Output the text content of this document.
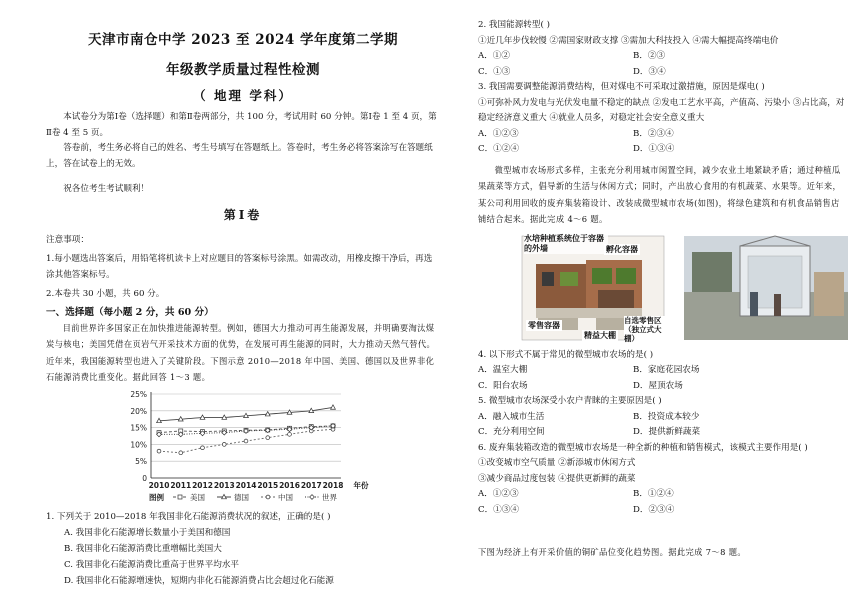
天津市南仓中学 2023 至 2024 学年度第二学期
年级教学质量过程性检测
（ 地理 学科）

本试卷分为第Ⅰ卷（选择题）和第Ⅱ卷两部分，共 100 分，考试用时 60 分钟。第Ⅰ卷 1 至 4 页，第Ⅱ卷 4 至 5 页。

答卷前，考生务必将自己的姓名、考生号填写在答题纸上。答卷时，考生务必将答案涂写在答题纸上，答在试卷上的无效。

祝各位考生考试顺利！

第Ⅰ卷

注意事项：

1.每小题选出答案后，用铅笔将机读卡上对应题目的答案标号涂黑。如需改动，用橡皮擦干净后，再选涂其他答案标号。

2.本卷共 30 小题，共 60 分。

一、选择题（每小题 2 分，共 60 分）

目前世界许多国家正在加快推进能源转型。例如，德国大力推动可再生能源发展，并明确要淘汰煤炭与核电；美国凭借在页岩气开采技术方面的优势，在发展可再生能源的同时，大力推动天然气替代。近年来，我国能源转型也进入了关键阶段。下图示意 2010—2018 年中国、美国、德国以及世界非化石能源消费比重变化。据此回答 1～3 题。

0
5%
10%
15%
20%
25%
2010 2011 2012 2013 2014 2015 2016 2017 2018 年份
图例	美国	德国	中国	世界

1. 下列关于 2010—2018 年我国非化石能源消费状况的叙述，正确的是( )

A. 我国非化石能源增长数量小于美国和德国

B. 我国非化石能源消费比重增幅比美国大

C. 我国非化石能源消费比重高于世界平均水平

D. 我国非化石能源增速快，短期内非化石能源消费占比会超过化石能源

2. 我国能源转型( )

①近几年步伐较慢 ②需国家财政支撑 ③需加大科技投入 ④需大幅提高终端电价

A．①②	B．②③

C．①③	D．③④

3. 我国需要调整能源消费结构，但对煤电不可采取过激措施，原因是煤电( )

①可弥补风力发电与光伏发电量不稳定的缺点 ②发电工艺水平高，产值高、污染小 ③占比高，对稳定经济意义重大 ④就业人员多，对稳定社会安全意义重大

A．①②③	B．②③④

C．①②④	D．①③④

微型城市农场形式多样，主张充分利用城市闲置空间，减少农业土地紧缺矛盾；通过种植瓜果蔬菜等方式，倡导新的生活与休闲方式；同时，产出放心食用的有机蔬菜、水果等。近年来，某公司利用回收的废弃集装箱设计、改装成微型城市农场(如图)，将绿色建筑和有机食品销售店铺结合起来。据此完成 4～6 题。

水培种植系统位于容器的外墙	孵化容器
零售容器
精益大棚
自选零售区（独立式大棚）

4. 以下形式不属于常见的微型城市农场的是( )

A．温室大棚	B．家庭花园农场

C．阳台农场	D．屋顶农场

5. 微型城市农场深受小农户青睐的主要原因是( )

A．融入城市生活	B．投资成本较少

C．充分利用空间	D．提供新鲜蔬菜

6. 废弃集装箱改造的微型城市农场是一种全新的种植和销售模式，该模式主要作用是( )

①改变城市空气质量 ②新添城市休闲方式

③减少商品过度包装 ④提供更新鲜的蔬菜

A．①②③	B．①②④

C．①③④	D．②③④

下图为经济上有开采价值的铜矿品位变化趋势图。据此完成 7～8 题。
